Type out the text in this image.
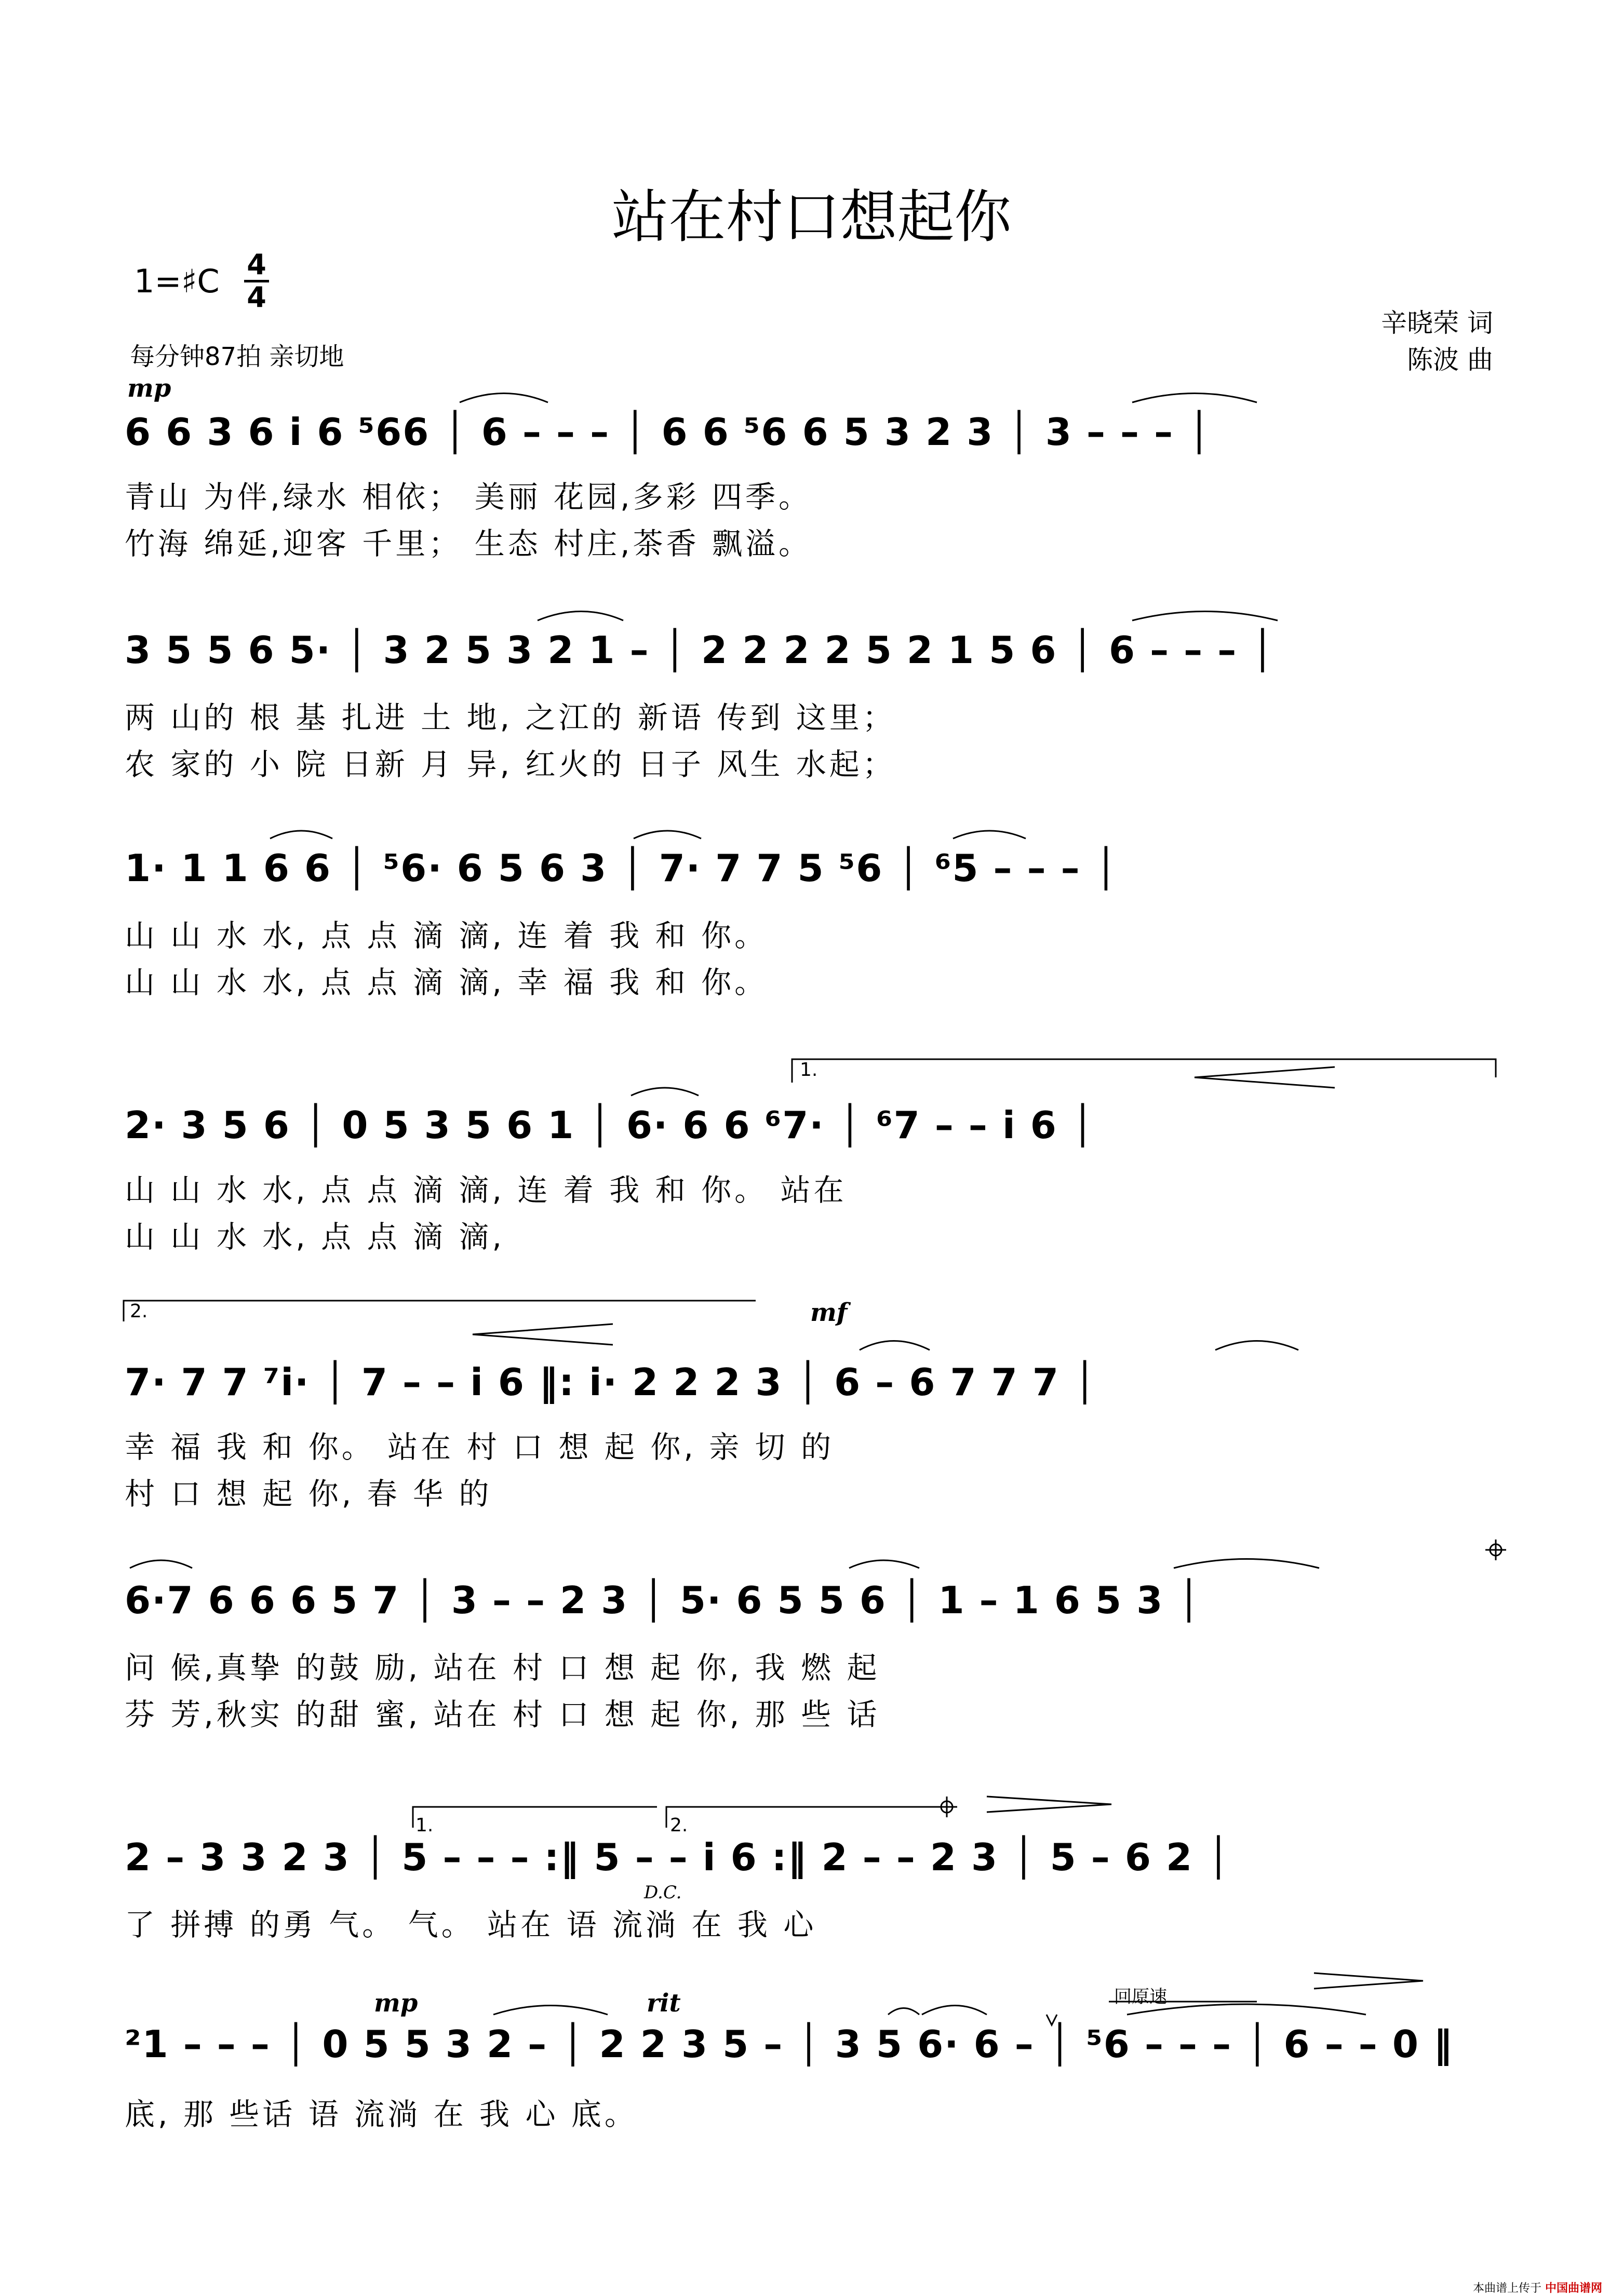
站在村口想起你
1=♯C 4
4
每分钟87拍 亲切地
辛晓荣 词
陈波 曲
mp
6 6 3 6 i 6 ⁵66 │ 6 – – – │ 6 6 ⁵6 6 5 3 2 3 │ 3 – – – │
青山 为伴,绿水 相依； 美丽 花园,多彩 四季。
竹海 绵延,迎客 千里； 生态 村庄,茶香 飘溢。
3 5 5 6 5· │ 3 2 5 3 2 1 – │ 2 2 2 2 5 2 1 5 6 │ 6 – – – │
两 山的 根 基 扎进 土 地, 之江的 新语 传到 这里；
农 家的 小 院 日新 月 异, 红火的 日子 风生 水起；
1· 1 1 6 6 │ ⁵6· 6 5 6 3 │ 7· 7 7 5 ⁵6 │ ⁶5 – – – │
山 山 水 水, 点 点 滴 滴, 连 着 我 和 你。
山 山 水 水, 点 点 滴 滴, 幸 福 我 和 你。
1.
2· 3 5 6 │ 0 5 3 5 6 1 │ 6· 6 6 ⁶7· │ ⁶7 – – i 6 │
山 山 水 水, 点 点 滴 滴, 连 着 我 和 你。 站在
山 山 水 水, 点 点 滴 滴,
2.	mf
7· 7 7 ⁷i· │ 7 – – i 6 ‖: i· 2 2 2 3 │ 6 – 6 7 7 7 │
幸 福 我 和 你。 站在 村 口 想 起 你, 亲 切 的
村 口 想 起 你, 春 华 的
6·7 6 6 6 5 7 │ 3 – – 2 3 │ 5· 6 5 5 6 │ 1 – 1 6 5 3 │
问 候,真挚 的鼓 励, 站在 村 口 想 起 你, 我 燃 起
芬 芳,秋实 的甜 蜜, 站在 村 口 想 起 你, 那 些 话
1.	2.
2 – 3 3 2 3 │ 5 – – – :‖ 5 – – i 6 :‖ 2 – – 2 3 │ 5 – 6 2 │
D.C.
了 拼搏 的勇 气。 气。 站在 语 流淌 在 我 心
mp	rit	回原速
²1 – – – │ 0 5 5 3 2 – │ 2 2 3 5 – │ 3 5 6· 6 – │ ⁵6 – – – │ 6 – – 0 ‖
底, 那 些话 语 流淌 在 我 心 底。
本曲谱上传于 中国曲谱网
